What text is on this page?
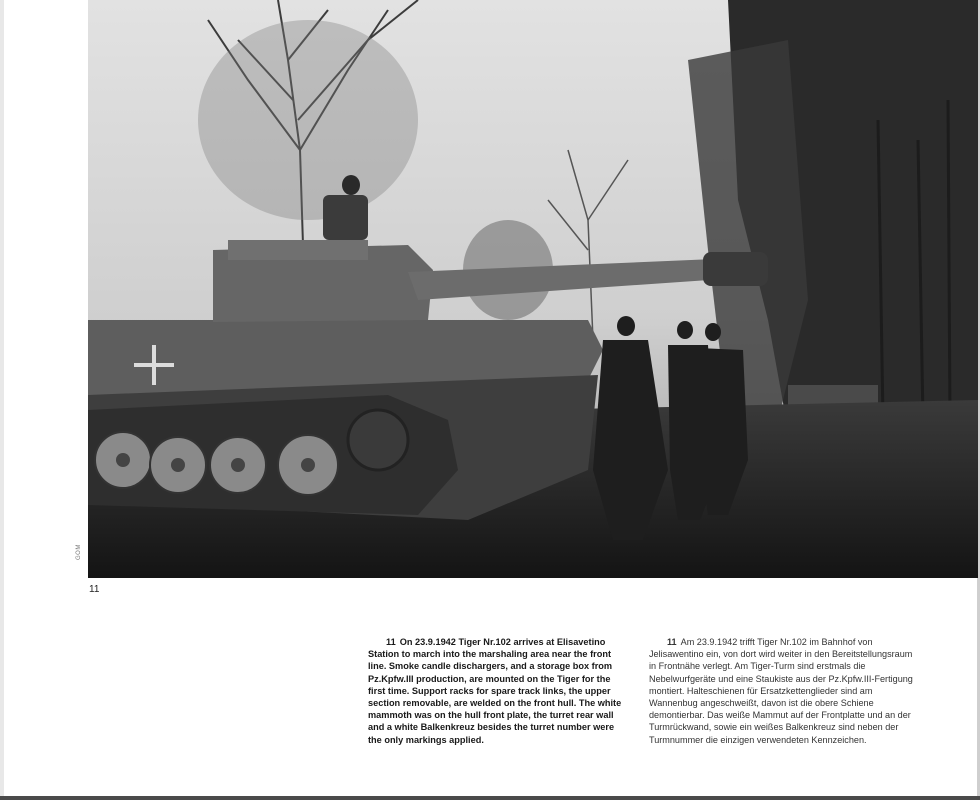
GOM
11
11 On 23.9.1942 Tiger Nr.102 arrives at Elisavetino Station to march into the marshaling area near the front line. Smoke candle dischargers, and a storage box from Pz.Kpfw.III production, are mounted on the Tiger for the first time. Support racks for spare track links, the upper section removable, are welded on the front hull. The white mammoth was on the hull front plate, the turret rear wall and a white Balkenkreuz besides the turret number were the only markings applied.
11 Am 23.9.1942 trifft Tiger Nr.102 im Bahnhof von Jelisawentino ein, von dort wird weiter in den Bereitstellungsraum in Frontnähe verlegt. Am Tiger-Turm sind erstmals die Nebelwurfgeräte und eine Staukiste aus der Pz.Kpfw.III-Fertigung montiert. Halteschienen für Ersatzkettenglieder sind am Wannenbug angeschweißt, davon ist die obere Schiene demontierbar. Das weiße Mammut auf der Frontplatte und an der Turmrückwand, sowie ein weißes Balkenkreuz sind neben der Turmnummer die einzigen verwendeten Kennzeichen.
